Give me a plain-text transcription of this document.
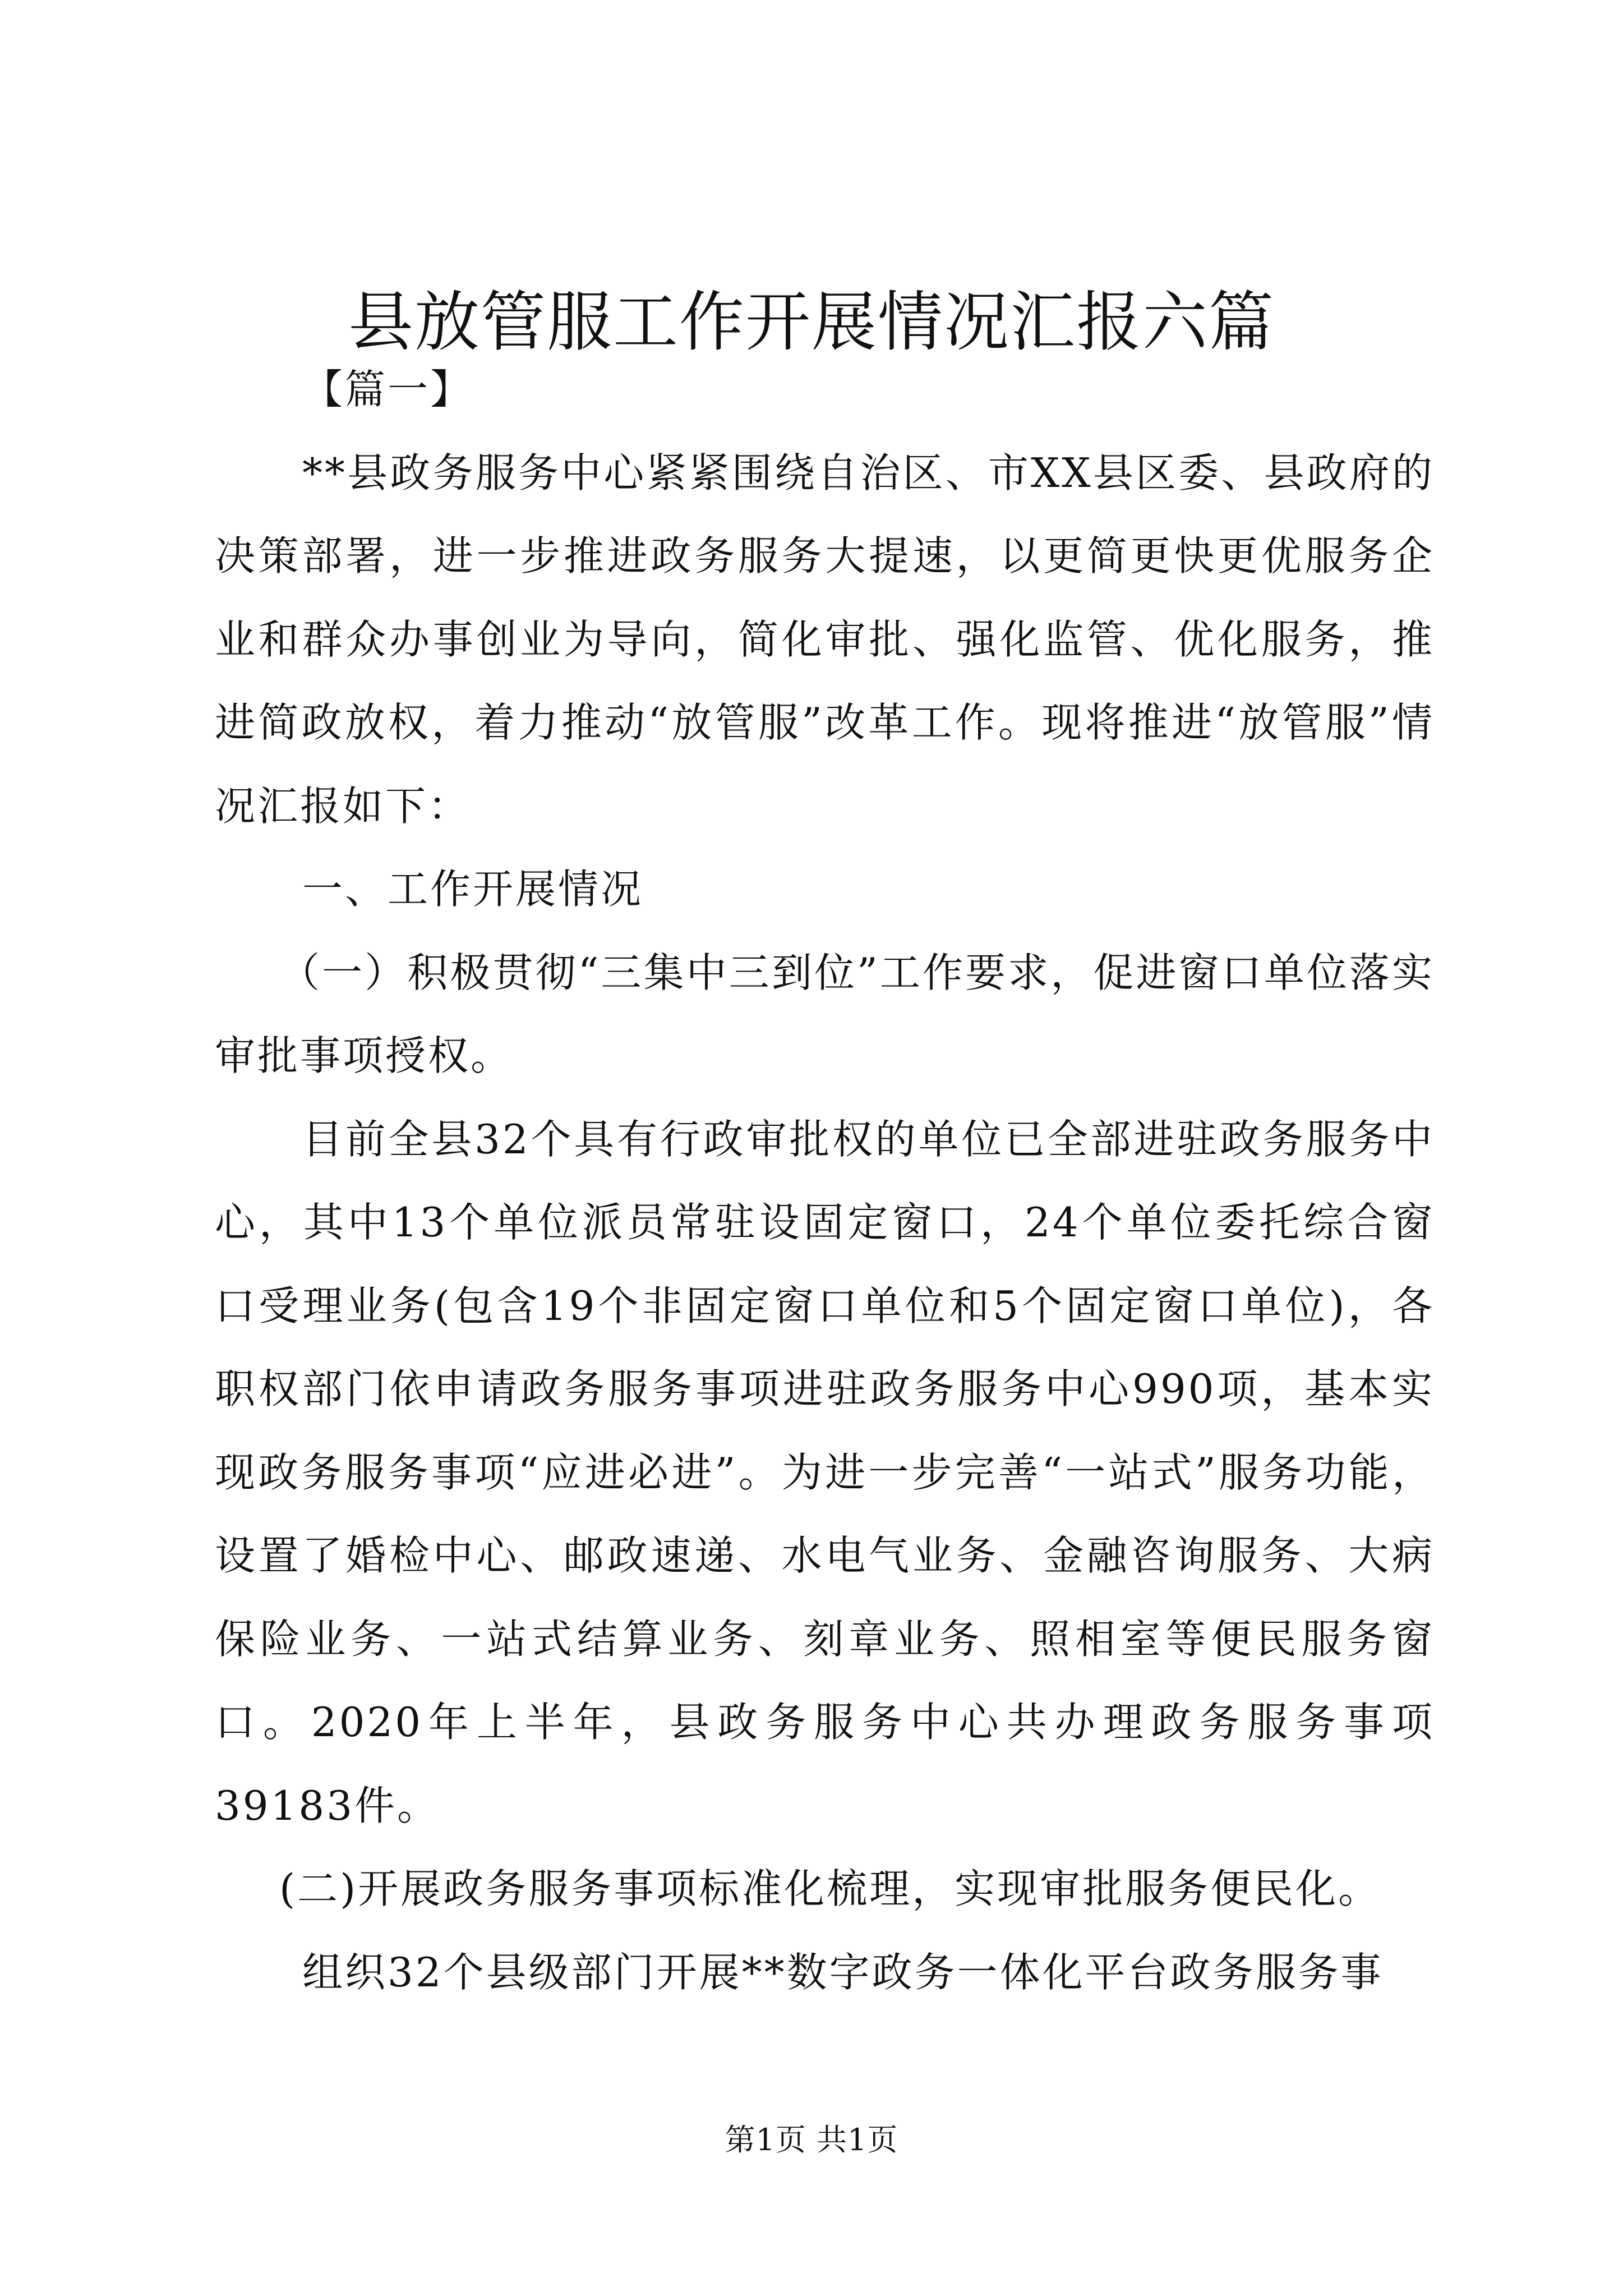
县放管服工作开展情况汇报六篇

【篇一】

**县政务服务中心紧紧围绕自治区、市XX县区委、县政府的决策部署，进一步推进政务服务大提速，以更简更快更优服务企业和群众办事创业为导向，简化审批、强化监管、优化服务，推进简政放权，着力推动“放管服”改革工作。现将推进“放管服”情况汇报如下：

一、工作开展情况

（一）积极贯彻“三集中三到位”工作要求，促进窗口单位落实审批事项授权。

目前全县32个具有行政审批权的单位已全部进驻政务服务中心，其中13个单位派员常驻设固定窗口，24个单位委托综合窗口受理业务(包含19个非固定窗口单位和5个固定窗口单位)，各职权部门依申请政务服务事项进驻政务服务中心990项，基本实现政务服务事项“应进必进”。为进一步完善“一站式”服务功能，设置了婚检中心、邮政速递、水电气业务、金融咨询服务、大病保险业务、一站式结算业务、刻章业务、照相室等便民服务窗口。2020年上半年，县政务服务中心共办理政务服务事项39183件。

(二)开展政务服务事项标准化梳理，实现审批服务便民化。

组织32个县级部门开展**数字政务一体化平台政务服务事

第1页 共1页
